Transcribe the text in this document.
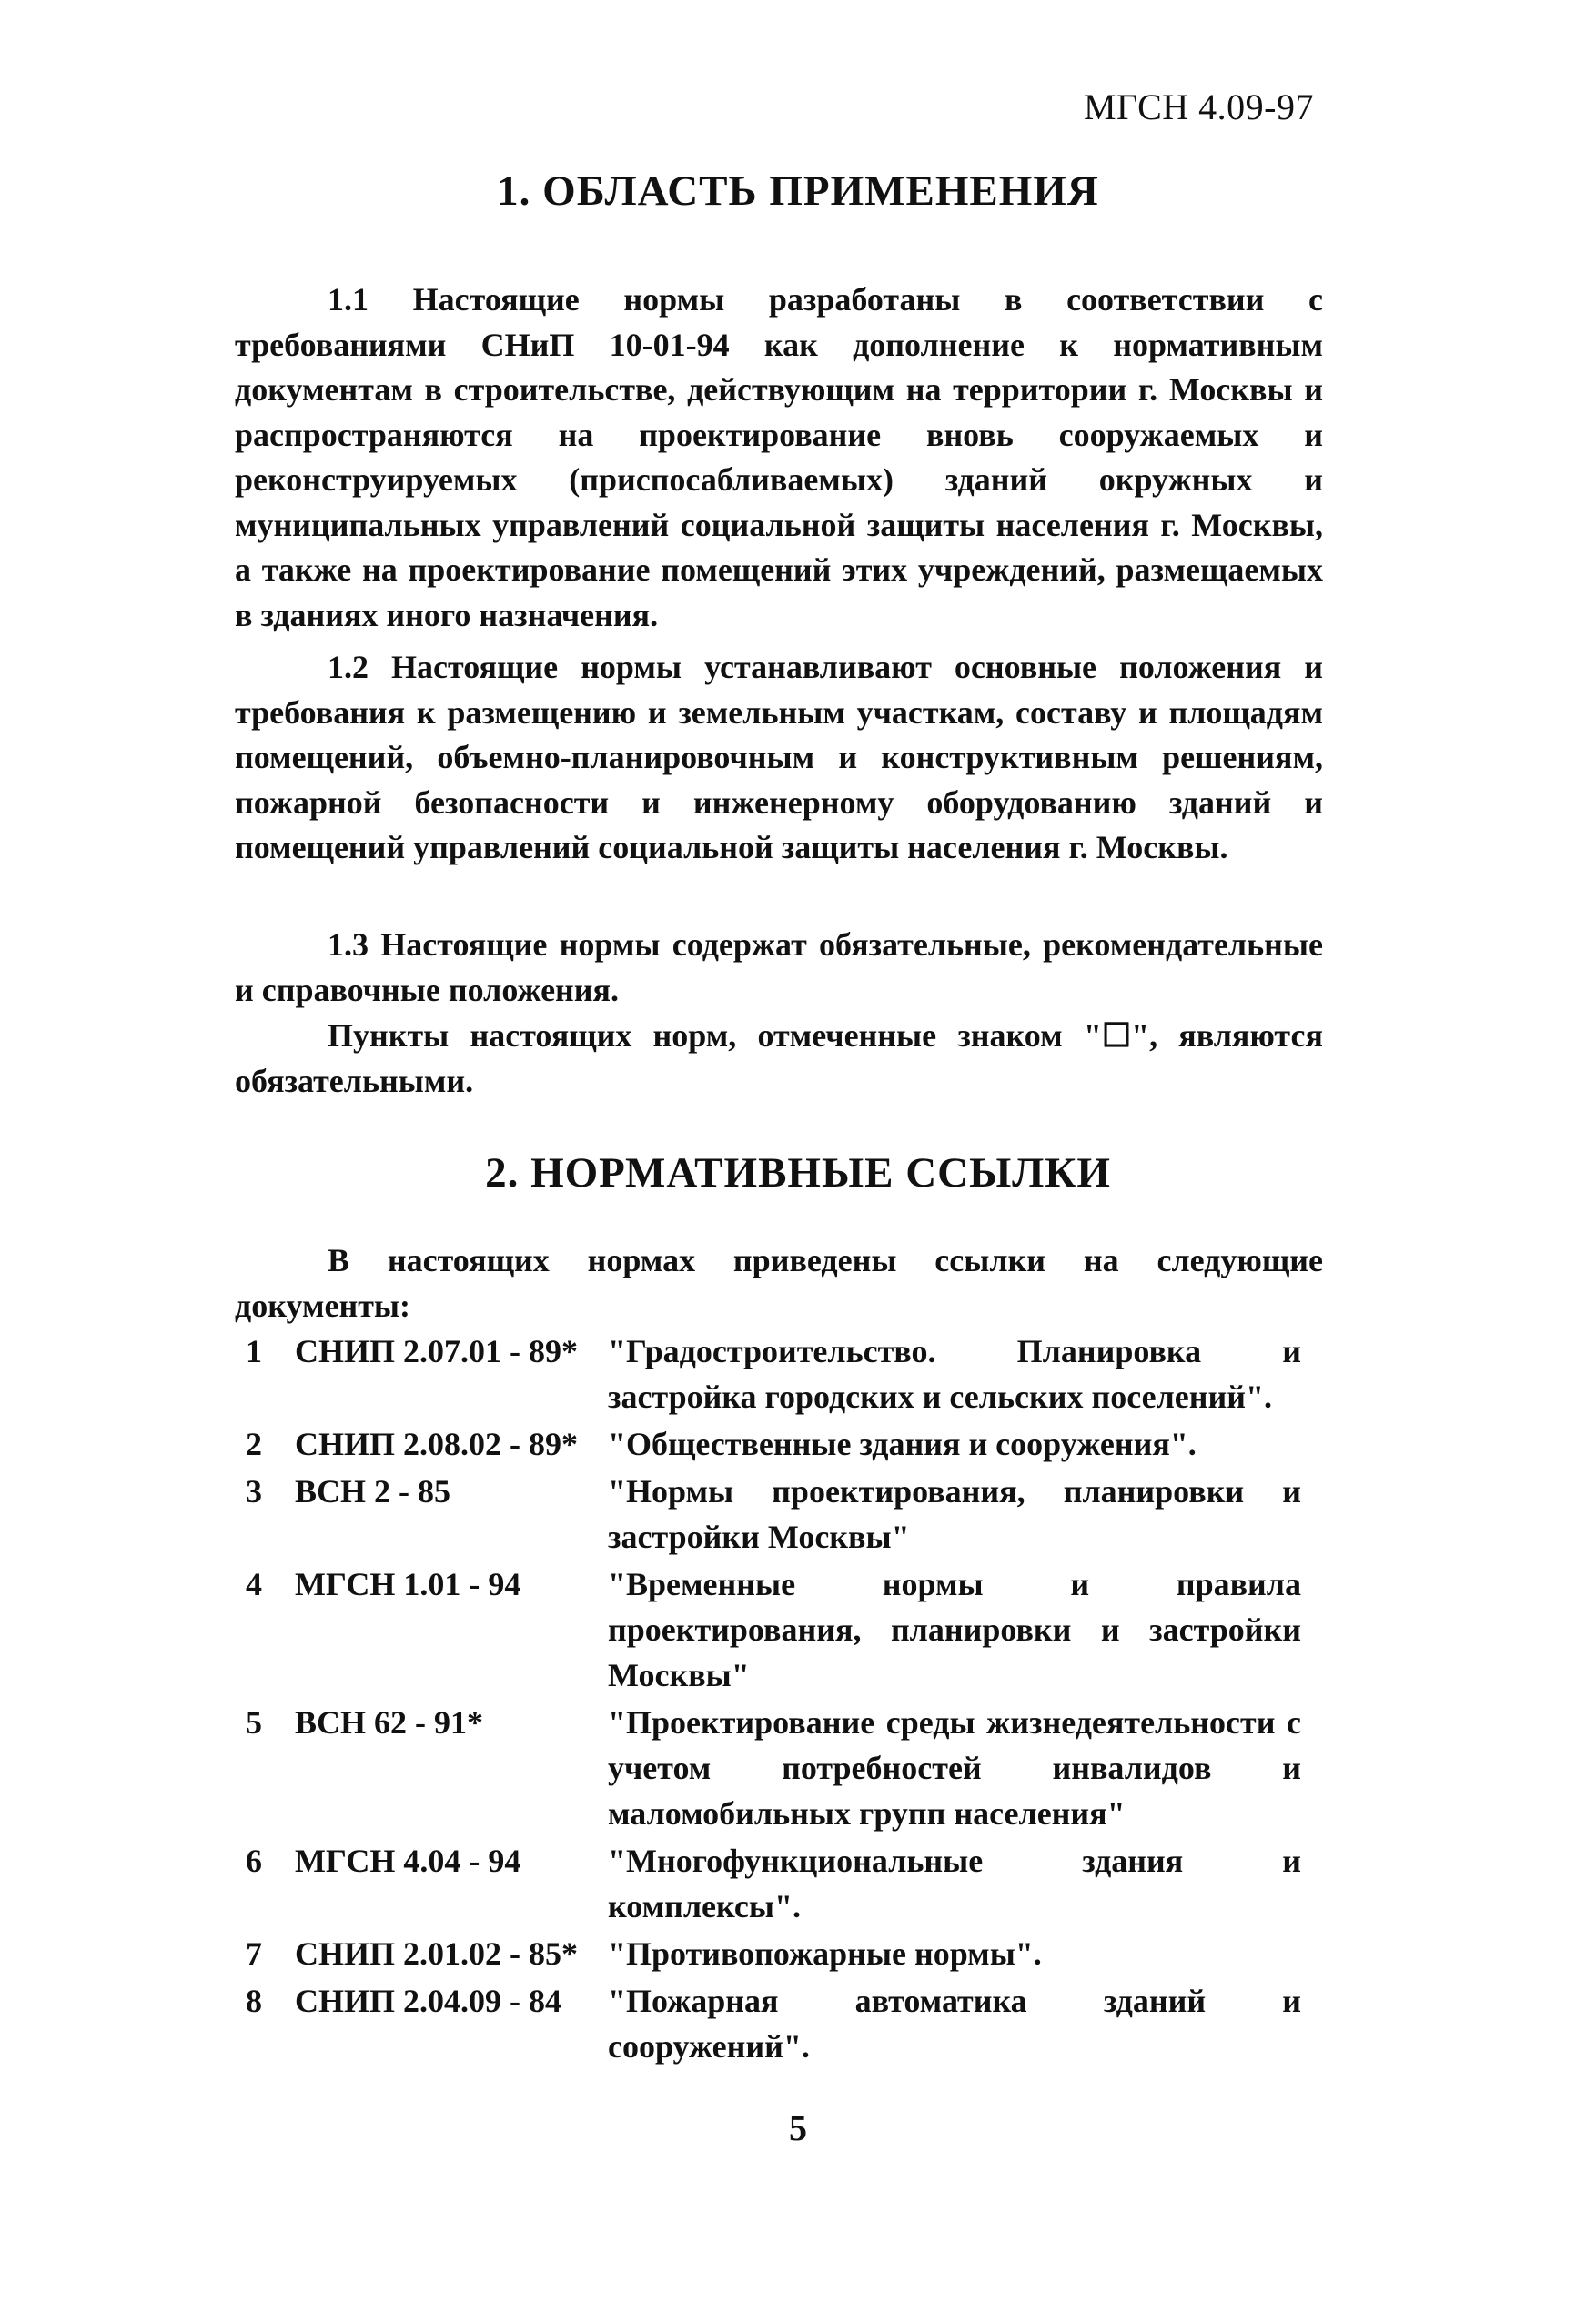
МГСН 4.09-97
1. ОБЛАСТЬ ПРИМЕНЕНИЯ
1.1 Настоящие нормы разработаны в соответствии с требованиями СНиП 10-01-94 как дополнение к нормативным документам в строительстве, действующим на территории г. Москвы и распространяются на проектирование вновь сооружаемых и реконструируемых (приспосабливаемых) зданий окружных и муниципальных управлений социальной защиты населения г. Москвы, а также на проектирование помещений этих учреждений, размещаемых в зданиях иного назначения.
1.2 Настоящие нормы устанавливают основные положения и требования к размещению и земельным участкам, составу и площадям помещений, объемно-планировочным и конструктивным решениям, пожарной безопасности и инженерному оборудованию зданий и помещений управлений социальной защиты населения г. Москвы.
1.3 Настоящие нормы содержат обязательные, рекомендательные и справочные положения.
Пункты настоящих норм, отмеченные знаком "☐", являются обязательными.
2. НОРМАТИВНЫЕ ССЫЛКИ
В настоящих нормах приведены ссылки на следующие документы:
1	СНИП 2.07.01 - 89* "Градостроительство. Планировка и застройка городских и сельских поселений".
2	СНИП 2.08.02 - 89* "Общественные здания и сооружения".
3	ВСН 2 - 85	"Нормы проектирования, планировки и застройки Москвы"
4	МГСН 1.01 - 94	"Временные нормы и правила проектирования, планировки и застройки Москвы"
5	ВСН 62 - 91*	"Проектирование среды жизнедеятельности с учетом потребностей инвалидов и маломобильных групп населения"
6	МГСН 4.04 - 94	"Многофункциональные здания и комплексы".
7	СНИП 2.01.02 - 85* "Противопожарные нормы".
8	СНИП 2.04.09 - 84	"Пожарная автоматика зданий и сооружений".
5
